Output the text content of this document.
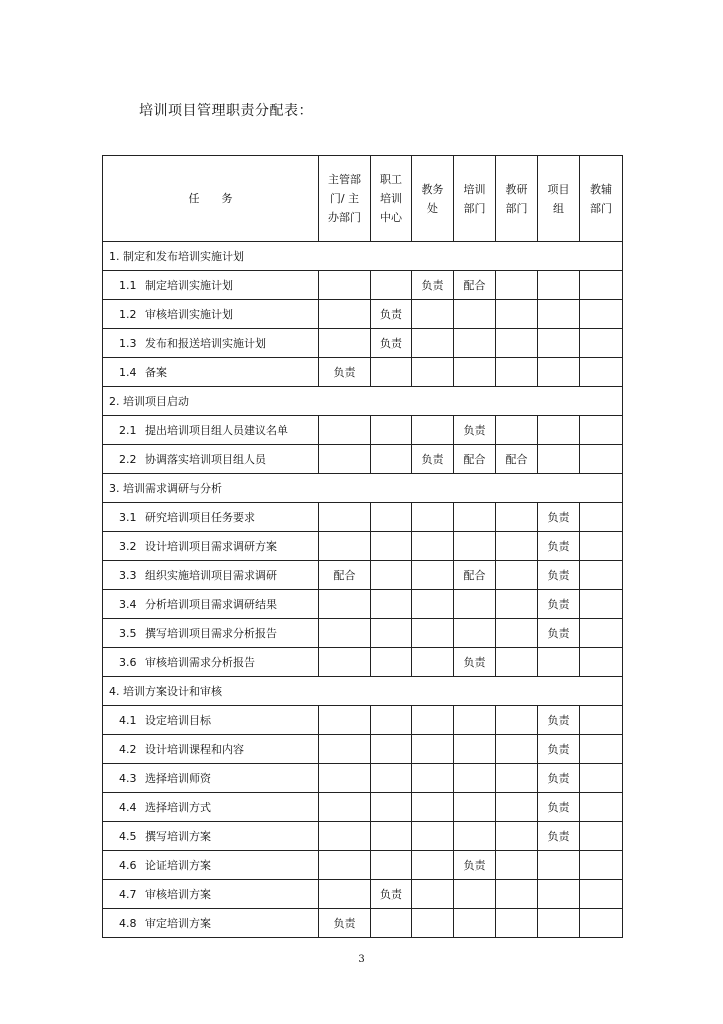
培训项目管理职责分配表：
任　　务	主管部
门/ 主
办部门	职工
培训
中心	教务
处	培训
部门	教研
部门	项目
组	教辅
部门
1. 制定和发布培训实施计划							
1.1 制定培训实施计划			负责	配合			
1.2 审核培训实施计划		负责					
1.3 发布和报送培训实施计划		负责					
1.4 备案	负责						
2. 培训项目启动							
2.1 提出培训项目组人员建议名单				负责			
2.2 协调落实培训项目组人员			负责	配合	配合		
3. 培训需求调研与分析							
3.1 研究培训项目任务要求						负责	
3.2 设计培训项目需求调研方案						负责	
3.3 组织实施培训项目需求调研	配合			配合		负责	
3.4 分析培训项目需求调研结果						负责	
3.5 撰写培训项目需求分析报告						负责	
3.6 审核培训需求分析报告				负责			
4. 培训方案设计和审核							
4.1 设定培训目标						负责	
4.2 设计培训课程和内容						负责	
4.3 选择培训师资						负责	
4.4 选择培训方式						负责	
4.5 撰写培训方案						负责	
4.6 论证培训方案				负责			
4.7 审核培训方案		负责					
4.8 审定培训方案	负责						
3
